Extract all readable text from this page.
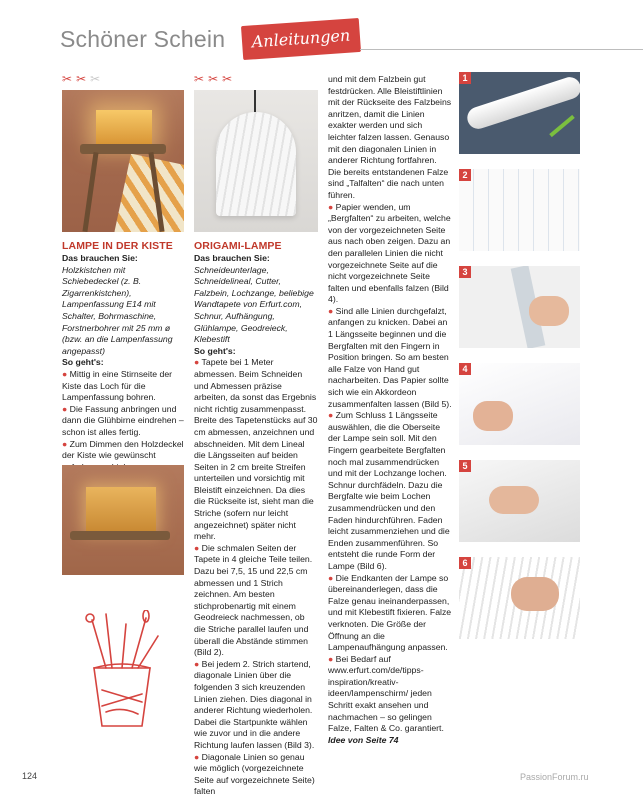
Schöner Schein	Anleitungen
✂ ✂ ✂
LAMPE IN DER KISTE
Das brauchen Sie:
Holzkistchen mit Schiebedeckel (z. B. Zigarrenkistchen), Lampenfassung E14 mit Schalter, Bohrmaschine, Forstnerbohrer mit 25 mm ø (bzw. an die Lampenfassung angepasst)
So geht's:
● Mittig in eine Stirnseite der Kiste das Loch für die Lampenfassung bohren.
● Die Fassung anbringen und dann die Glühbirne eindrehen – schon ist alles fertig.
● Zum Dimmen den Holzdeckel der Kiste wie gewünscht
✂ ✂ ✂
ORIGAMI-LAMPE
Das brauchen Sie:
Schneideunterlage, Schneidelineal, Cutter, Falzbein, Lochzange, beliebige Wandtapete von Erfurt.com, Schnur, Aufhängung, Glühlampe, Geodreieck, Klebestift
So geht's:
● Tapete bei 1 Meter abmessen. Beim Schneiden und Abmessen präzise arbeiten, da sonst das Ergebnis nicht richtig zusammenpasst. Breite des Tapetenstücks auf 30 cm abmessen, anzeichnen und abschneiden. Mit dem Lineal die Längsseiten auf beiden Seiten in 2 cm breite Streifen unterteilen und vorsichtig mit Bleistift einzeichnen. Da dies die Rückseite ist, sieht man die Striche (sofern nur leicht angezeichnet) später nicht mehr.
● Die schmalen Seiten der Tapete in 4 gleiche Teile teilen. Dazu bei 7,5, 15 und 22,5 cm abmessen und 1 Strich zeichnen. Am besten stichprobenartig mit einem Geodreieck nachmessen, ob die Striche parallel laufen und überall die Abstände stimmen (Bild 2).
● Bei jedem 2. Strich startend, diagonale Linien über die folgenden 3 sich kreuzenden Linien ziehen. Dies diagonal in anderer Richtung wiederholen. Dabei die Startpunkte wählen wie zuvor und in die andere Richtung laufen lassen (Bild 3).
● Diagonale Linien so genau wie möglich (vorgezeichnete Seite auf vorgezeichnete Seite) falten
und mit dem Falzbein gut festdrücken. Alle Bleistiftlinien mit der Rückseite des Falzbeins anritzen, damit die Linien exakter werden und sich leichter falzen lassen. Genauso mit den diagonalen Linien in anderer Richtung fortfahren. Die bereits entstandenen Falze sind „Talfalten“ die nach unten führen.
● Papier wenden, um „Bergfalten“ zu arbeiten, welche von der vorgezeichneten Seite aus nach oben zeigen. Dazu an den parallelen Linien die nicht vorgezeichnete Seite auf die nicht vorgezeichnete Seite falten und ebenfalls falzen (Bild 4).
● Sind alle Linien durchgefalzt, anfangen zu knicken. Dabei an 1 Längsseite beginnen und die Bergfalten mit den Fingern in Position bringen. So am besten alle Falze von Hand gut nacharbeiten. Das Papier sollte sich wie ein Akkordeon zusammenfalten lassen (Bild 5).
● Zum Schluss 1 Längsseite auswählen, die die Oberseite der Lampe sein soll. Mit den Fingern gearbeitete Bergfalten noch mal zusammendrücken und mit der Lochzange lochen. Schnur durchfädeln. Dazu die Bergfalte wie beim Lochen zusammendrücken und den Faden hindurchführen. Faden leicht zusammenziehen und die Enden zusammenführen. So entsteht die runde Form der Lampe (Bild 6).
● Die Endkanten der Lampe so übereinanderlegen, dass die Falze genau ineinanderpassen, und mit Klebestift fixieren. Falze verknoten. Die Größe der Öffnung an die Lampenaufhängung anpassen.
● Bei Bedarf auf www.erfurt.com/de/tipps-inspiration/kreativ-ideen/lampenschirm/ jeden Schritt exakt ansehen und nachmachen – so gelingen Falze, Falten & Co. garantiert.
Idee von Seite 74
1
2
3
4
5
6
124	PassionForum.ru
